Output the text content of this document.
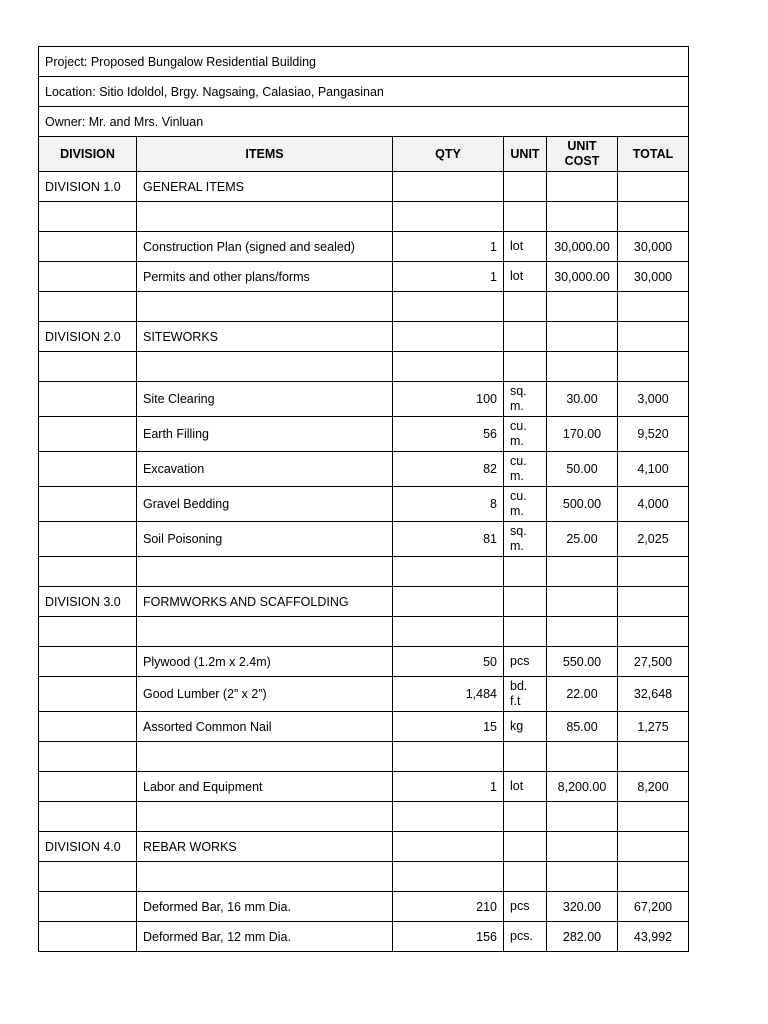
Project: Proposed Bungalow Residential Building					
Location: Sitio Idoldol, Brgy. Nagsaing, Calasiao, Pangasinan					
Owner: Mr. and Mrs. Vinluan					
DIVISION	ITEMS	QTY	UNIT	UNIT COST	TOTAL
DIVISION 1.0	GENERAL ITEMS				

	Construction Plan (signed and sealed)	1	lot	30,000.00	30,000
	Permits and other plans/forms	1	lot	30,000.00	30,000

DIVISION 2.0	SITEWORKS				

	Site Clearing	100	sq. m.	30.00	3,000
	Earth Filling	56	cu. m.	170.00	9,520
	Excavation	82	cu. m.	50.00	4,100
	Gravel Bedding	8	cu. m.	500.00	4,000
	Soil Poisoning	81	sq. m.	25.00	2,025

DIVISION 3.0	FORMWORKS AND SCAFFOLDING				

	Plywood (1.2m x 2.4m)	50	pcs	550.00	27,500
	Good Lumber (2” x 2”)	1,484	bd. f.t	22.00	32,648
	Assorted Common Nail	15	kg	85.00	1,275

	Labor and Equipment	1	lot	8,200.00	8,200

DIVISION 4.0	REBAR WORKS				

	Deformed Bar, 16 mm Dia.	210	pcs	320.00	67,200
	Deformed Bar, 12 mm Dia.	156	pcs.	282.00	43,992
